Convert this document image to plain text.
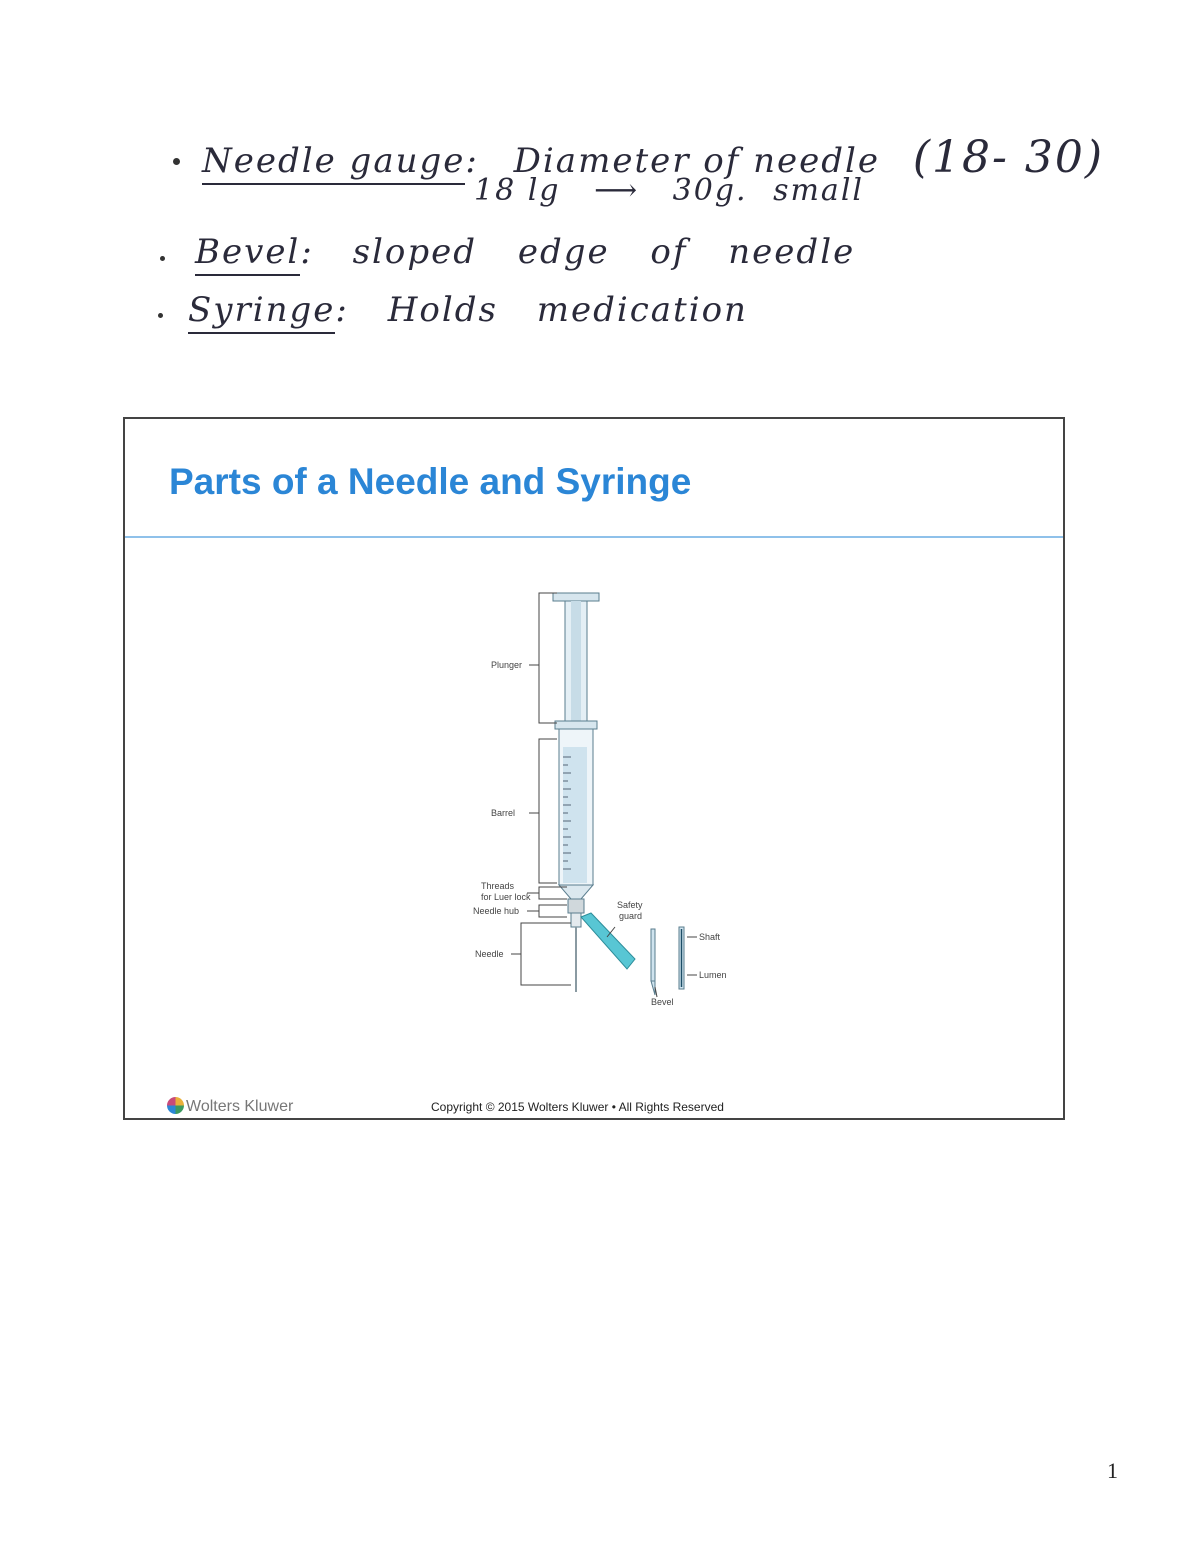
Needle gauge: Diameter of needle (18- 30)
18 lg ⟶ 30g. small
Bevel: sloped edge of needle
Syringe: Holds medication
Parts of a Needle and Syringe
Plunger
Barrel
Threads
for Luer lock
Needle hub
Needle
Safety
guard
Shaft
Lumen
Bevel
Wolters Kluwer	Copyright © 2015 Wolters Kluwer • All Rights Reserved
1
